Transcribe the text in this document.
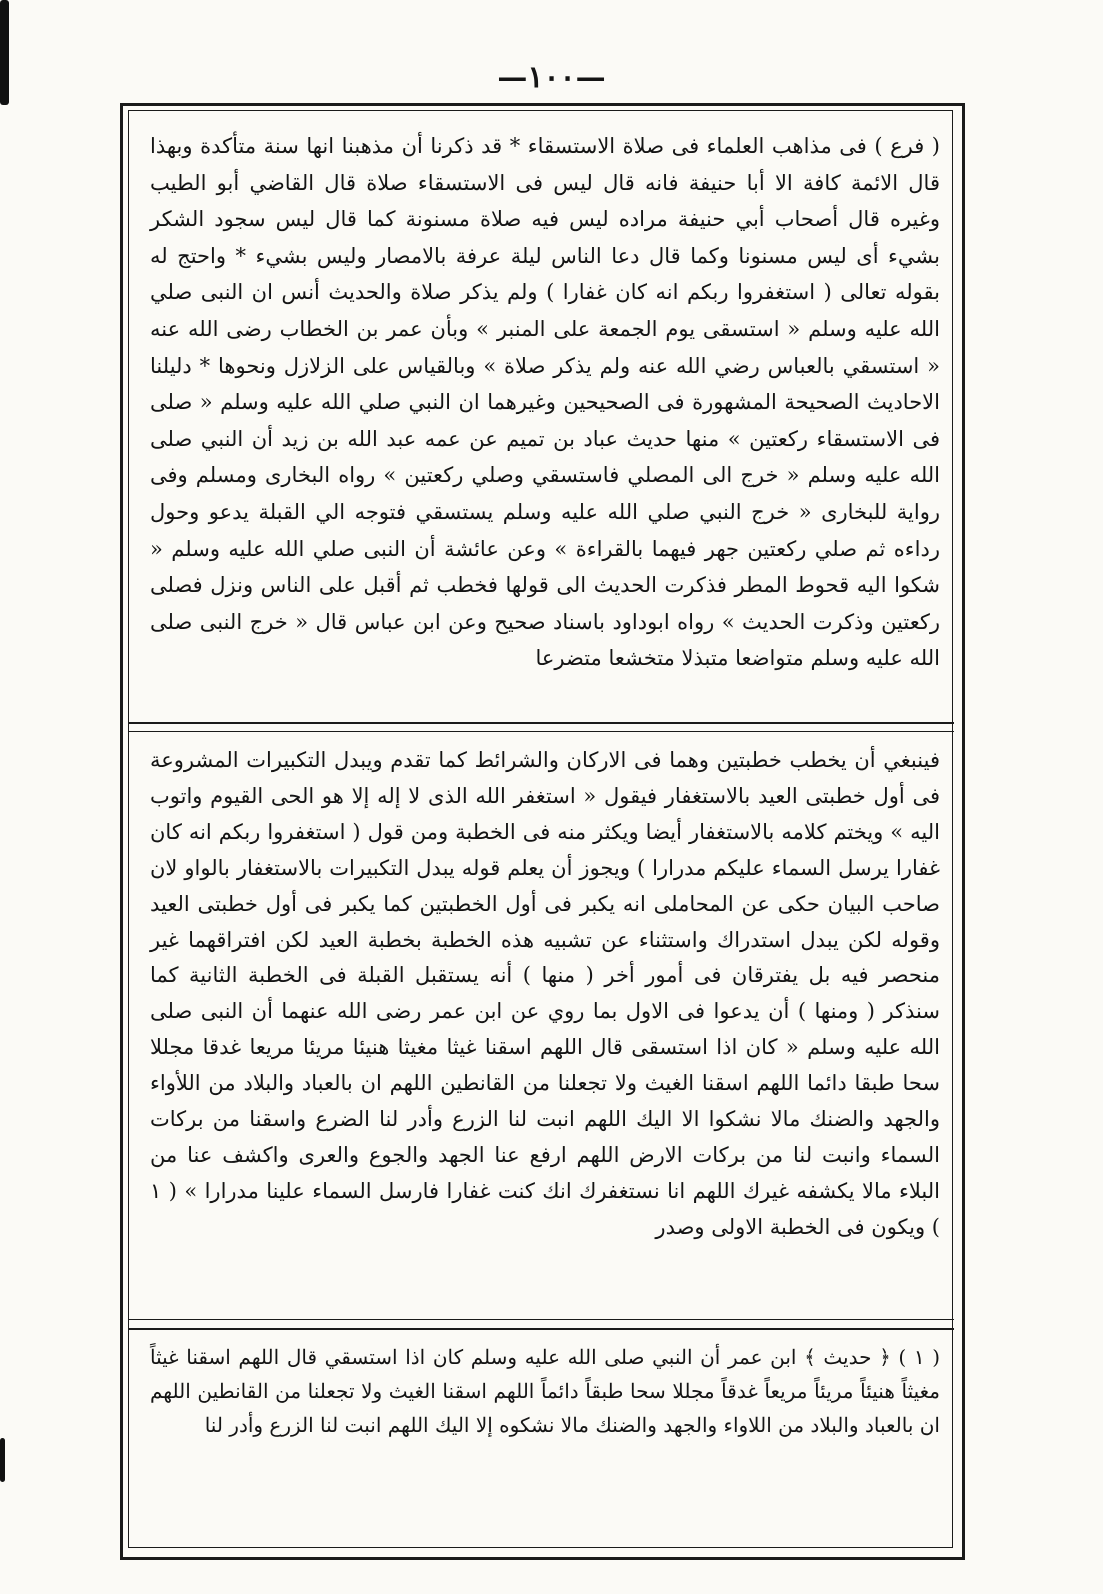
—١٠٠—
( فرع ) فى مذاهب العلماء فى صلاة الاستسقاء * قد ذكرنا أن مذهبنا انها سنة متأكدة وبهذا قال الائمة كافة الا أبا حنيفة فانه قال ليس فى الاستسقاء صلاة قال القاضي أبو الطيب وغيره قال أصحاب أبي حنيفة مراده ليس فيه صلاة مسنونة كما قال ليس سجود الشكر بشيء أى ليس مسنونا وكما قال دعا الناس ليلة عرفة بالامصار وليس بشيء * واحتج له بقوله تعالى ( استغفروا ربكم انه كان غفارا ) ولم يذكر صلاة والحديث أنس ان النبى صلي الله عليه وسلم « استسقى يوم الجمعة على المنبر » وبأن عمر بن الخطاب رضى الله عنه « استسقي بالعباس رضي الله عنه ولم يذكر صلاة » وبالقياس على الزلازل ونحوها * دليلنا الاحاديث الصحيحة المشهورة فى الصحيحين وغيرهما ان النبي صلي الله عليه وسلم « صلى فى الاستسقاء ركعتين » منها حديث عباد بن تميم عن عمه عبد الله بن زيد أن النبي صلى الله عليه وسلم « خرج الى المصلي فاستسقي وصلي ركعتين » رواه البخارى ومسلم وفى رواية للبخارى « خرج النبي صلي الله عليه وسلم يستسقي فتوجه الي القبلة يدعو وحول رداءه ثم صلي ركعتين جهر فيهما بالقراءة » وعن عائشة أن النبى صلي الله عليه وسلم « شكوا اليه قحوط المطر فذكرت الحديث الى قولها فخطب ثم أقبل على الناس ونزل فصلى ركعتين وذكرت الحديث » رواه ابوداود باسناد صحيح وعن ابن عباس قال « خرج النبى صلى الله عليه وسلم متواضعا متبذلا متخشعا متضرعا
فينبغي أن يخطب خطبتين وهما فى الاركان والشرائط كما تقدم ويبدل التكبيرات المشروعة فى أول خطبتى العيد بالاستغفار فيقول « استغفر الله الذى لا إله إلا هو الحى القيوم واتوب اليه » ويختم كلامه بالاستغفار أيضا ويكثر منه فى الخطبة ومن قول ( استغفروا ربكم انه كان غفارا يرسل السماء عليكم مدرارا ) ويجوز أن يعلم قوله يبدل التكبيرات بالاستغفار بالواو لان صاحب البيان حكى عن المحاملى انه يكبر فى أول الخطبتين كما يكبر فى أول خطبتى العيد وقوله لكن يبدل استدراك واستثناء عن تشبيه هذه الخطبة بخطبة العيد لكن افتراقهما غير منحصر فيه بل يفترقان فى أمور أخر ( منها ) أنه يستقبل القبلة فى الخطبة الثانية كما سنذكر ( ومنها ) أن يدعوا فى الاول بما روي عن ابن عمر رضى الله عنهما أن النبى صلى الله عليه وسلم « كان اذا استسقى قال اللهم اسقنا غيثا مغيثا هنيئا مريئا مريعا غدقا مجللا سحا طبقا دائما اللهم اسقنا الغيث ولا تجعلنا من القانطين اللهم ان بالعباد والبلاد من اللأواء والجهد والضنك مالا نشكوا الا اليك اللهم انبت لنا الزرع وأدر لنا الضرع واسقنا من بركات السماء وانبت لنا من بركات الارض اللهم ارفع عنا الجهد والجوع والعرى واكشف عنا من البلاء مالا يكشفه غيرك اللهم انا نستغفرك انك كنت غفارا فارسل السماء علينا مدرارا » ( ١ ) ويكون فى الخطبة الاولى وصدر
( ١ ) ﴿ حديث ﴾ ابن عمر أن النبي صلى الله عليه وسلم كان اذا استسقي قال اللهم اسقنا غيثاً مغيثاً هنيئاً مريئاً مريعاً غدقاً مجللا سحا طبقاً دائماً اللهم اسقنا الغيث ولا تجعلنا من القانطين اللهم ان بالعباد والبلاد من اللاواء والجهد والضنك مالا نشكوه إلا اليك اللهم انبت لنا الزرع وأدر لنا
